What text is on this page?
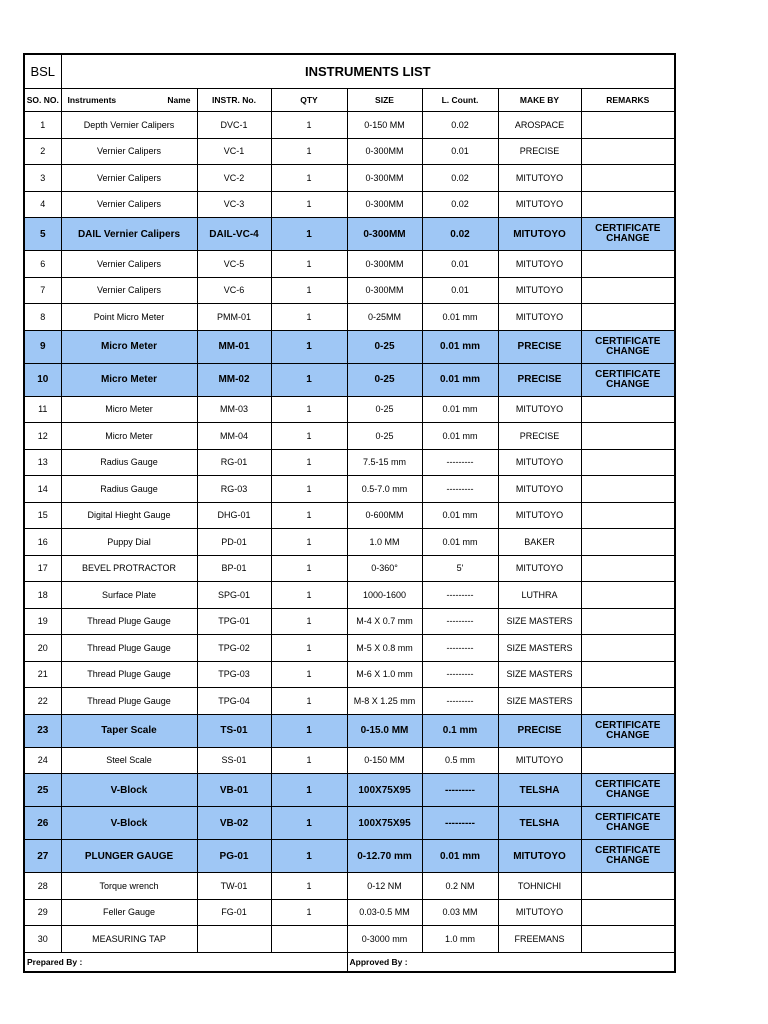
BSL	INSTRUMENTS LIST						
SO. NO.	Instruments Name	INSTR. No.	QTY	SIZE	L. Count.	MAKE BY	REMARKS
1	Depth Vernier Calipers	DVC-1	1	0-150 MM	0.02	AROSPACE	
2	Vernier Calipers	VC-1	1	0-300MM	0.01	PRECISE	
3	Vernier Calipers	VC-2	1	0-300MM	0.02	MITUTOYO	
4	Vernier Calipers	VC-3	1	0-300MM	0.02	MITUTOYO	
5	DAIL Vernier Calipers	DAIL-VC-4	1	0-300MM	0.02	MITUTOYO	CERTIFICATE CHANGE
6	Vernier Calipers	VC-5	1	0-300MM	0.01	MITUTOYO	
7	Vernier Calipers	VC-6	1	0-300MM	0.01	MITUTOYO	
8	Point Micro Meter	PMM-01	1	0-25MM	0.01 mm	MITUTOYO	
9	Micro Meter	MM-01	1	0-25	0.01 mm	PRECISE	CERTIFICATE CHANGE
10	Micro Meter	MM-02	1	0-25	0.01 mm	PRECISE	CERTIFICATE CHANGE
11	Micro Meter	MM-03	1	0-25	0.01 mm	MITUTOYO	
12	Micro Meter	MM-04	1	0-25	0.01 mm	PRECISE	
13	Radius Gauge	RG-01	1	7.5-15 mm	---------	MITUTOYO	
14	Radius Gauge	RG-03	1	0.5-7.0 mm	---------	MITUTOYO	
15	Digital Hieght Gauge	DHG-01	1	0-600MM	0.01 mm	MITUTOYO	
16	Puppy Dial	PD-01	1	1.0 MM	0.01 mm	BAKER	
17	BEVEL PROTRACTOR	BP-01	1	0-360°	5'	MITUTOYO	
18	Surface Plate	SPG-01	1	1000-1600	---------	LUTHRA	
19	Thread Pluge Gauge	TPG-01	1	M-4 X 0.7 mm	---------	SIZE MASTERS	
20	Thread Pluge Gauge	TPG-02	1	M-5 X 0.8 mm	---------	SIZE MASTERS	
21	Thread Pluge Gauge	TPG-03	1	M-6 X 1.0 mm	---------	SIZE MASTERS	
22	Thread Pluge Gauge	TPG-04	1	M-8 X 1.25 mm	---------	SIZE MASTERS	
23	Taper Scale	TS-01	1	0-15.0 MM	0.1 mm	PRECISE	CERTIFICATE CHANGE
24	Steel Scale	SS-01	1	0-150 MM	0.5 mm	MITUTOYO	
25	V-Block	VB-01	1	100X75X95	---------	TELSHA	CERTIFICATE CHANGE
26	V-Block	VB-02	1	100X75X95	---------	TELSHA	CERTIFICATE CHANGE
27	PLUNGER GAUGE	PG-01	1	0-12.70 mm	0.01 mm	MITUTOYO	CERTIFICATE CHANGE
28	Torque wrench	TW-01	1	0-12 NM	0.2 NM	TOHNICHI	
29	Feller Gauge	FG-01	1	0.03-0.5 MM	0.03 MM	MITUTOYO	
30	MEASURING TAP			0-3000 mm	1.0 mm	FREEMANS	
Prepared By :				Approved By :			
